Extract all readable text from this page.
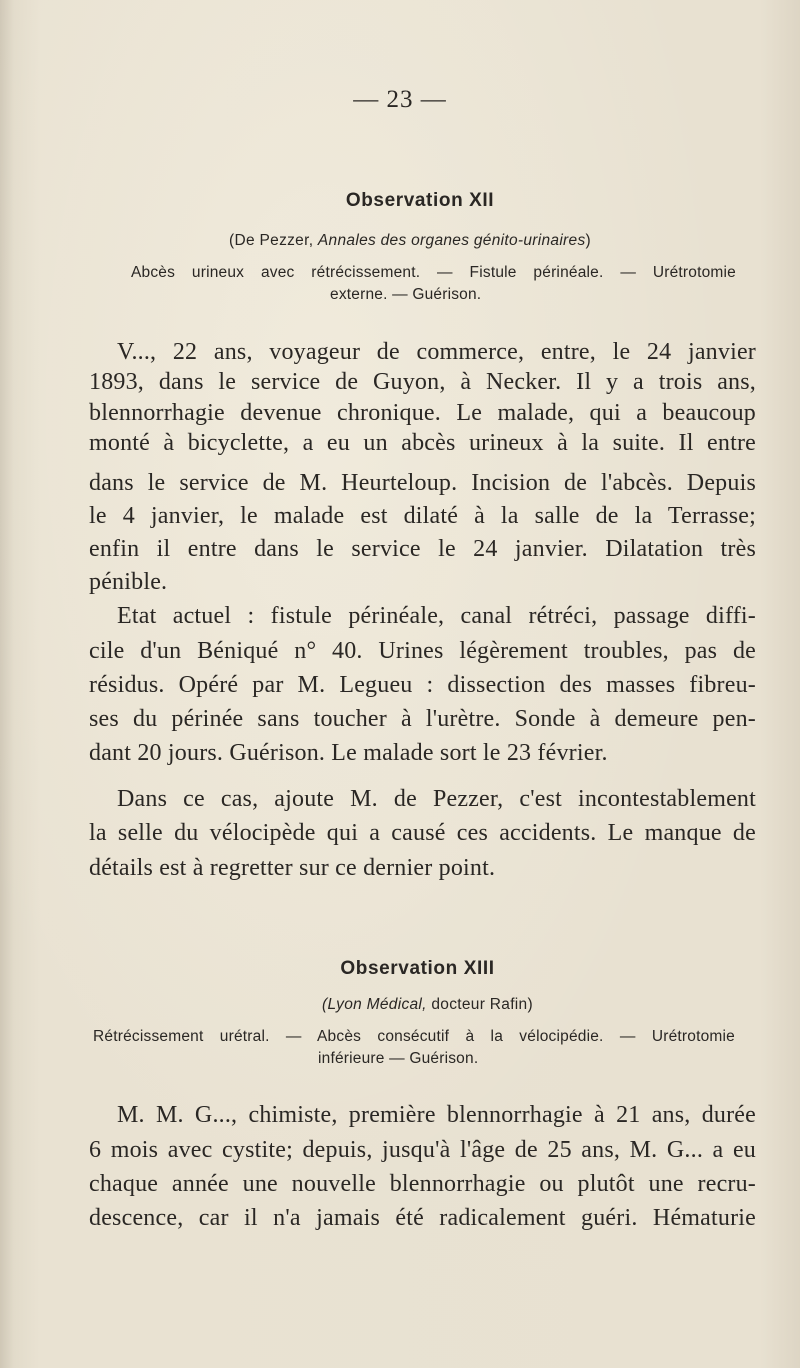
— 23 —
Observation XII
(De Pezzer, Annales des organes génito-urinaires)
Abcès urineux avec rétrécissement. — Fistule périnéale. — Urétrotomie
externe. — Guérison.
V..., 22 ans, voyageur de commerce, entre, le 24 janvier
1893, dans le service de Guyon, à Necker. Il y a trois ans,
blennorrhagie devenue chronique. Le malade, qui a beaucoup
monté à bicyclette, a eu un abcès urineux à la suite. Il entre
dans le service de M. Heurteloup. Incision de l'abcès. Depuis
le 4 janvier, le malade est dilaté à la salle de la Terrasse;
enfin il entre dans le service le 24 janvier. Dilatation très
pénible.
Etat actuel : fistule périnéale, canal rétréci, passage diffi-
cile d'un Béniqué n° 40. Urines légèrement troubles, pas de
résidus. Opéré par M. Legueu : dissection des masses fibreu-
ses du périnée sans toucher à l'urètre. Sonde à demeure pen-
dant 20 jours. Guérison. Le malade sort le 23 février.
Dans ce cas, ajoute M. de Pezzer, c'est incontestablement
la selle du vélocipède qui a causé ces accidents. Le manque de
détails est à regretter sur ce dernier point.
Observation XIII
(Lyon Médical, docteur Rafin)
Rétrécissement urétral. — Abcès consécutif à la vélocipédie. — Urétrotomie
inférieure — Guérison.
M. M. G..., chimiste, première blennorrhagie à 21 ans, durée
6 mois avec cystite; depuis, jusqu'à l'âge de 25 ans, M. G... a eu
chaque année une nouvelle blennorrhagie ou plutôt une recru-
descence, car il n'a jamais été radicalement guéri. Hématurie
